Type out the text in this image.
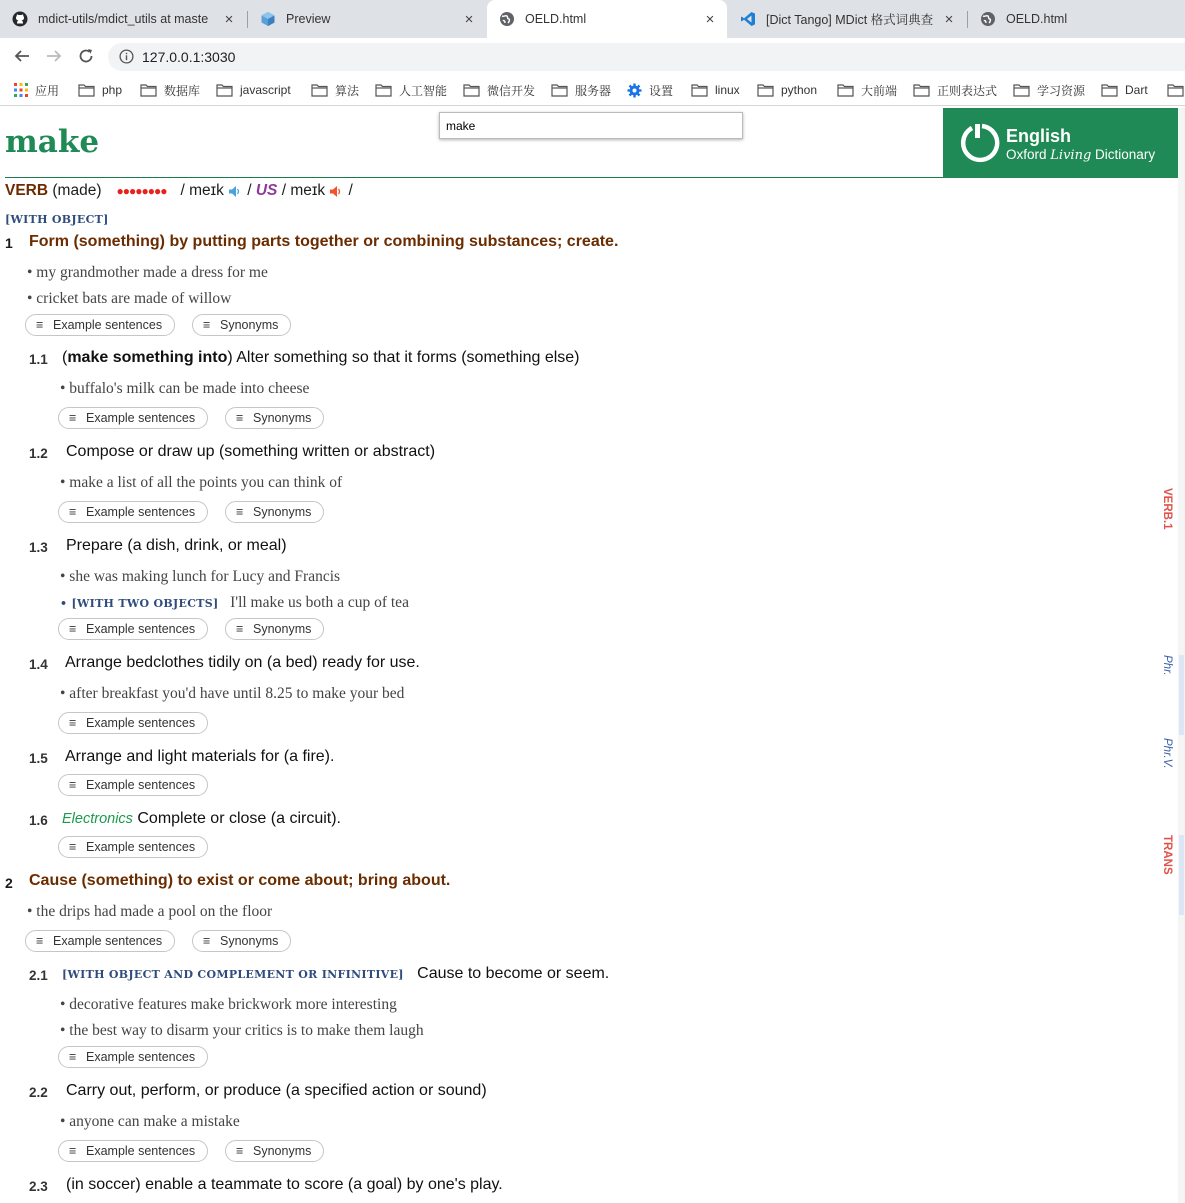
mdict-utils/mdict_utils at maste	×	Preview	×	OELD.html	×	[Dict Tango] MDict 格式词典查 ×	OELD.html
127.0.0.1:3030
应用	php	数据库	javascript	算法	人工智能	微信开发	服务器	设置	linux	python	大前端	正则表达式	学习资源	Dart
make
make	English
Oxford Living Dictionary
VERB
(made) ●●●●●●●● / meɪk
/
US
/ meɪk
/
[WITH OBJECT]
1 Form (something) by putting parts together or combining substances; create.
• my grandmother made a dress for me
• cricket bats are made of willow
≡ Example sentences	≡ Synonyms
1.1 (make something into) Alter something so that it forms (something else)
• buffalo's milk can be made into cheese
≡ Example sentences	≡ Synonyms
1.2 Compose or draw up (something written or abstract)
• make a list of all the points you can think of
≡ Example sentences	≡ Synonyms
1.3 Prepare (a dish, drink, or meal)
• she was making lunch for Lucy and Francis
• [WITH TWO OBJECTS] I'll make us both a cup of tea
≡ Example sentences	≡ Synonyms
1.4 Arrange bedclothes tidily on (a bed) ready for use.
• after breakfast you'd have until 8.25 to make your bed
≡ Example sentences
1.5 Arrange and light materials for (a fire).
≡ Example sentences
1.6 Electronics Complete or close (a circuit).
≡ Example sentences
2 Cause (something) to exist or come about; bring about.
• the drips had made a pool on the floor
≡ Example sentences	≡ Synonyms
2.1 [WITH OBJECT AND COMPLEMENT OR INFINITIVE] Cause to become or seem.
• decorative features make brickwork more interesting
• the best way to disarm your critics is to make them laugh
≡ Example sentences
2.2 Carry out, perform, or produce (a specified action or sound)
• anyone can make a mistake
≡ Example sentences	≡ Synonyms
2.3 (in soccer) enable a teammate to score (a goal) by one's play.
VERB.1
Phr.
Phr.V.
TRANS
